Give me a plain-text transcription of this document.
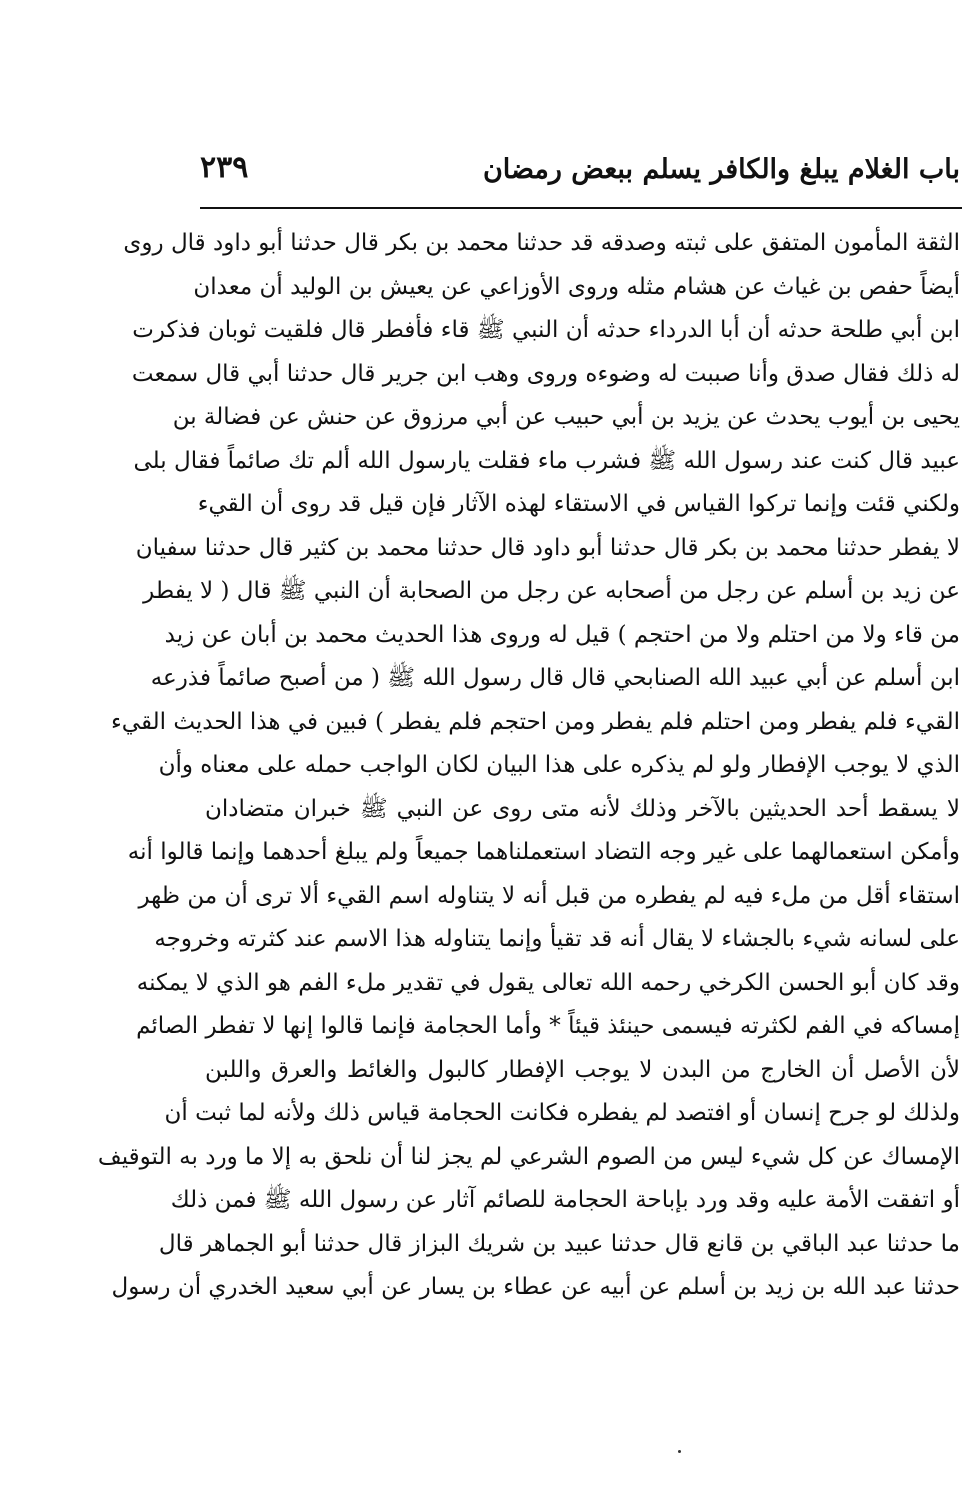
باب الغلام يبلغ والكافر يسلم ببعض رمضان
٢٣٩
الثقة المأمون المتفق على ثبته وصدقه قد حدثنا محمد بن بكر قال حدثنا أبو داود قال روى
أيضاً حفص بن غياث عن هشام مثله وروى الأوزاعي عن يعيش بن الوليد أن معدان
ابن أبي طلحة حدثه أن أبا الدرداء حدثه أن النبي ﷺ قاء فأفطر قال فلقيت ثوبان فذكرت
له ذلك فقال صدق وأنا صببت له وضوءه وروى وهب ابن جرير قال حدثنا أبي قال سمعت
يحيى بن أيوب يحدث عن يزيد بن أبي حبيب عن أبي مرزوق عن حنش عن فضالة بن
عبيد قال كنت عند رسول الله ﷺ فشرب ماء فقلت يارسول الله ألم تك صائماً فقال بلى
ولكني قئت وإنما تركوا القياس في الاستقاء لهذه الآثار فإن قيل قد روى أن القيء
لا يفطر حدثنا محمد بن بكر قال حدثنا أبو داود قال حدثنا محمد بن كثير قال حدثنا سفيان
عن زيد بن أسلم عن رجل من أصحابه عن رجل من الصحابة أن النبي ﷺ قال ( لا يفطر
من قاء ولا من احتلم ولا من احتجم ) قيل له وروى هذا الحديث محمد بن أبان عن زيد
ابن أسلم عن أبي عبيد الله الصنابحي قال قال رسول الله ﷺ ( من أصبح صائماً فذرعه
القيء فلم يفطر ومن احتلم فلم يفطر ومن احتجم فلم يفطر ) فبين في هذا الحديث القيء
الذي لا يوجب الإفطار ولو لم يذكره على هذا البيان لكان الواجب حمله على معناه وأن
لا يسقط أحد الحديثين بالآخر وذلك لأنه متى روى عن النبي ﷺ خبران متضادان
وأمكن استعمالهما على غير وجه التضاد استعملناهما جميعاً ولم يبلغ أحدهما وإنما قالوا أنه
استقاء أقل من ملء فيه لم يفطره من قبل أنه لا يتناوله اسم القيء ألا ترى أن من ظهر
على لسانه شيء بالجشاء لا يقال أنه قد تقيأ وإنما يتناوله هذا الاسم عند كثرته وخروجه
وقد كان أبو الحسن الكرخي رحمه الله تعالى يقول في تقدير ملء الفم هو الذي لا يمكنه
إمساكه في الفم لكثرته فيسمى حينئذ قيئاً * وأما الحجامة فإنما قالوا إنها لا تفطر الصائم
لأن الأصل أن الخارج من البدن لا يوجب الإفطار كالبول والغائط والعرق واللبن
ولذلك لو جرح إنسان أو افتصد لم يفطره فكانت الحجامة قياس ذلك ولأنه لما ثبت أن
الإمساك عن كل شيء ليس من الصوم الشرعي لم يجز لنا أن نلحق به إلا ما ورد به التوقيف
أو اتفقت الأمة عليه وقد ورد بإباحة الحجامة للصائم آثار عن رسول الله ﷺ فمن ذلك
ما حدثنا عبد الباقي بن قانع قال حدثنا عبيد بن شريك البزاز قال حدثنا أبو الجماهر قال
حدثنا عبد الله بن زيد بن أسلم عن أبيه عن عطاء بن يسار عن أبي سعيد الخدري أن رسول
